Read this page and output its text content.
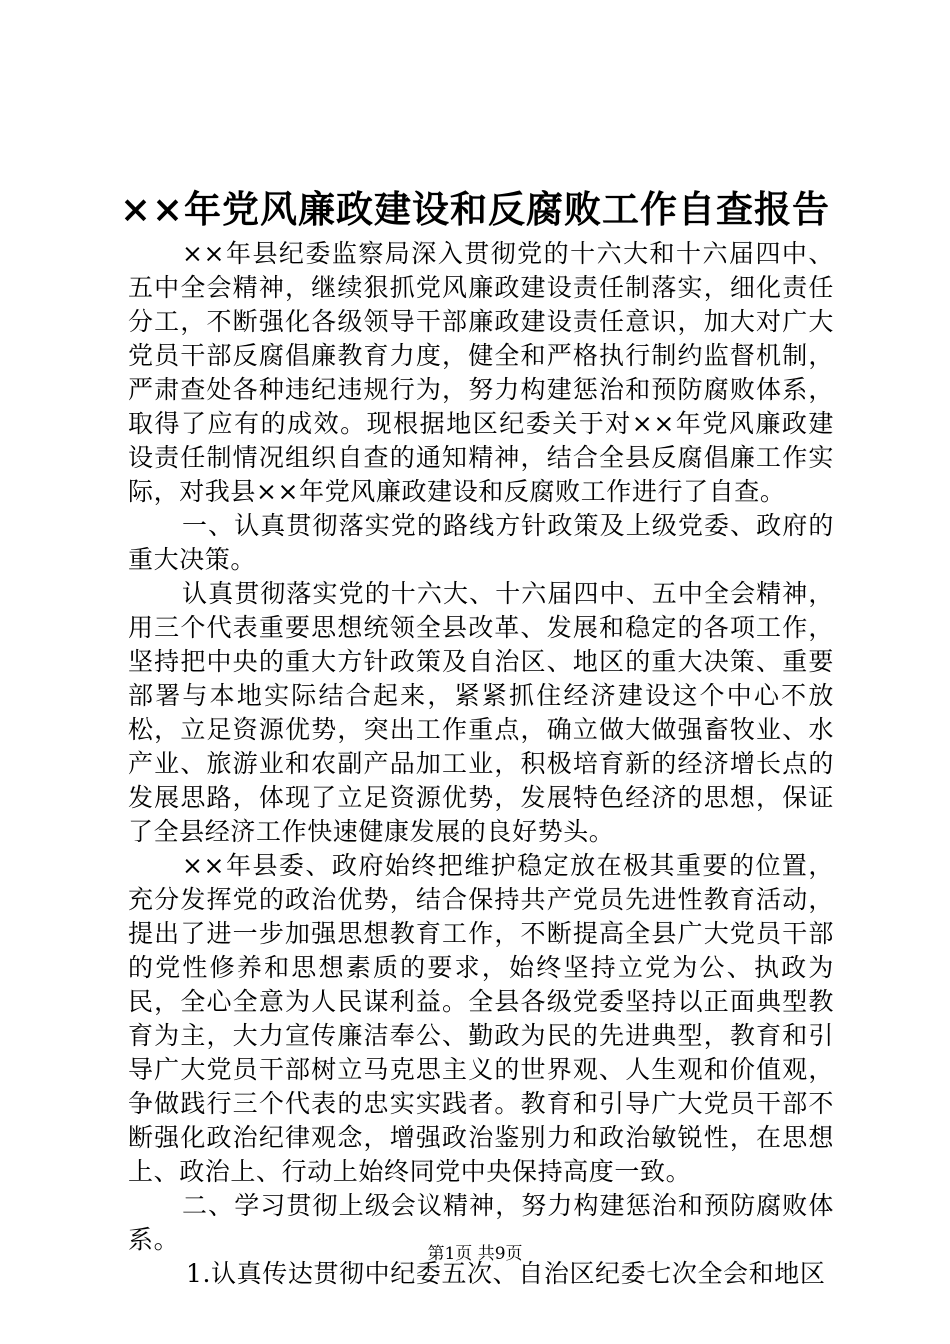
××年党风廉政建设和反腐败工作自查报告

××年县纪委监察局深入贯彻党的十六大和十六届四中、五中全会精神，继续狠抓党风廉政建设责任制落实，细化责任分工，不断强化各级领导干部廉政建设责任意识，加大对广大党员干部反腐倡廉教育力度，健全和严格执行制约监督机制，严肃查处各种违纪违规行为，努力构建惩治和预防腐败体系，取得了应有的成效。现根据地区纪委关于对××年党风廉政建设责任制情况组织自查的通知精神，结合全县反腐倡廉工作实际，对我县××年党风廉政建设和反腐败工作进行了自查。

一、认真贯彻落实党的路线方针政策及上级党委、政府的重大决策。

认真贯彻落实党的十六大、十六届四中、五中全会精神，用三个代表重要思想统领全县改革、发展和稳定的各项工作，坚持把中央的重大方针政策及自治区、地区的重大决策、重要部署与本地实际结合起来，紧紧抓住经济建设这个中心不放松，立足资源优势，突出工作重点，确立做大做强畜牧业、水产业、旅游业和农副产品加工业，积极培育新的经济增长点的发展思路，体现了立足资源优势，发展特色经济的思想，保证了全县经济工作快速健康发展的良好势头。

××年县委、政府始终把维护稳定放在极其重要的位置，充分发挥党的政治优势，结合保持共产党员先进性教育活动，提出了进一步加强思想教育工作，不断提高全县广大党员干部的党性修养和思想素质的要求，始终坚持立党为公、执政为民，全心全意为人民谋利益。全县各级党委坚持以正面典型教育为主，大力宣传廉洁奉公、勤政为民的先进典型，教育和引导广大党员干部树立马克思主义的世界观、人生观和价值观，争做践行三个代表的忠实实践者。教育和引导广大党员干部不断强化政治纪律观念，增强政治鉴别力和政治敏锐性，在思想上、政治上、行动上始终同党中央保持高度一致。

二、学习贯彻上级会议精神，努力构建惩治和预防腐败体系。

1.认真传达贯彻中纪委五次、自治区纪委七次全会和地区

第1页 共9页
